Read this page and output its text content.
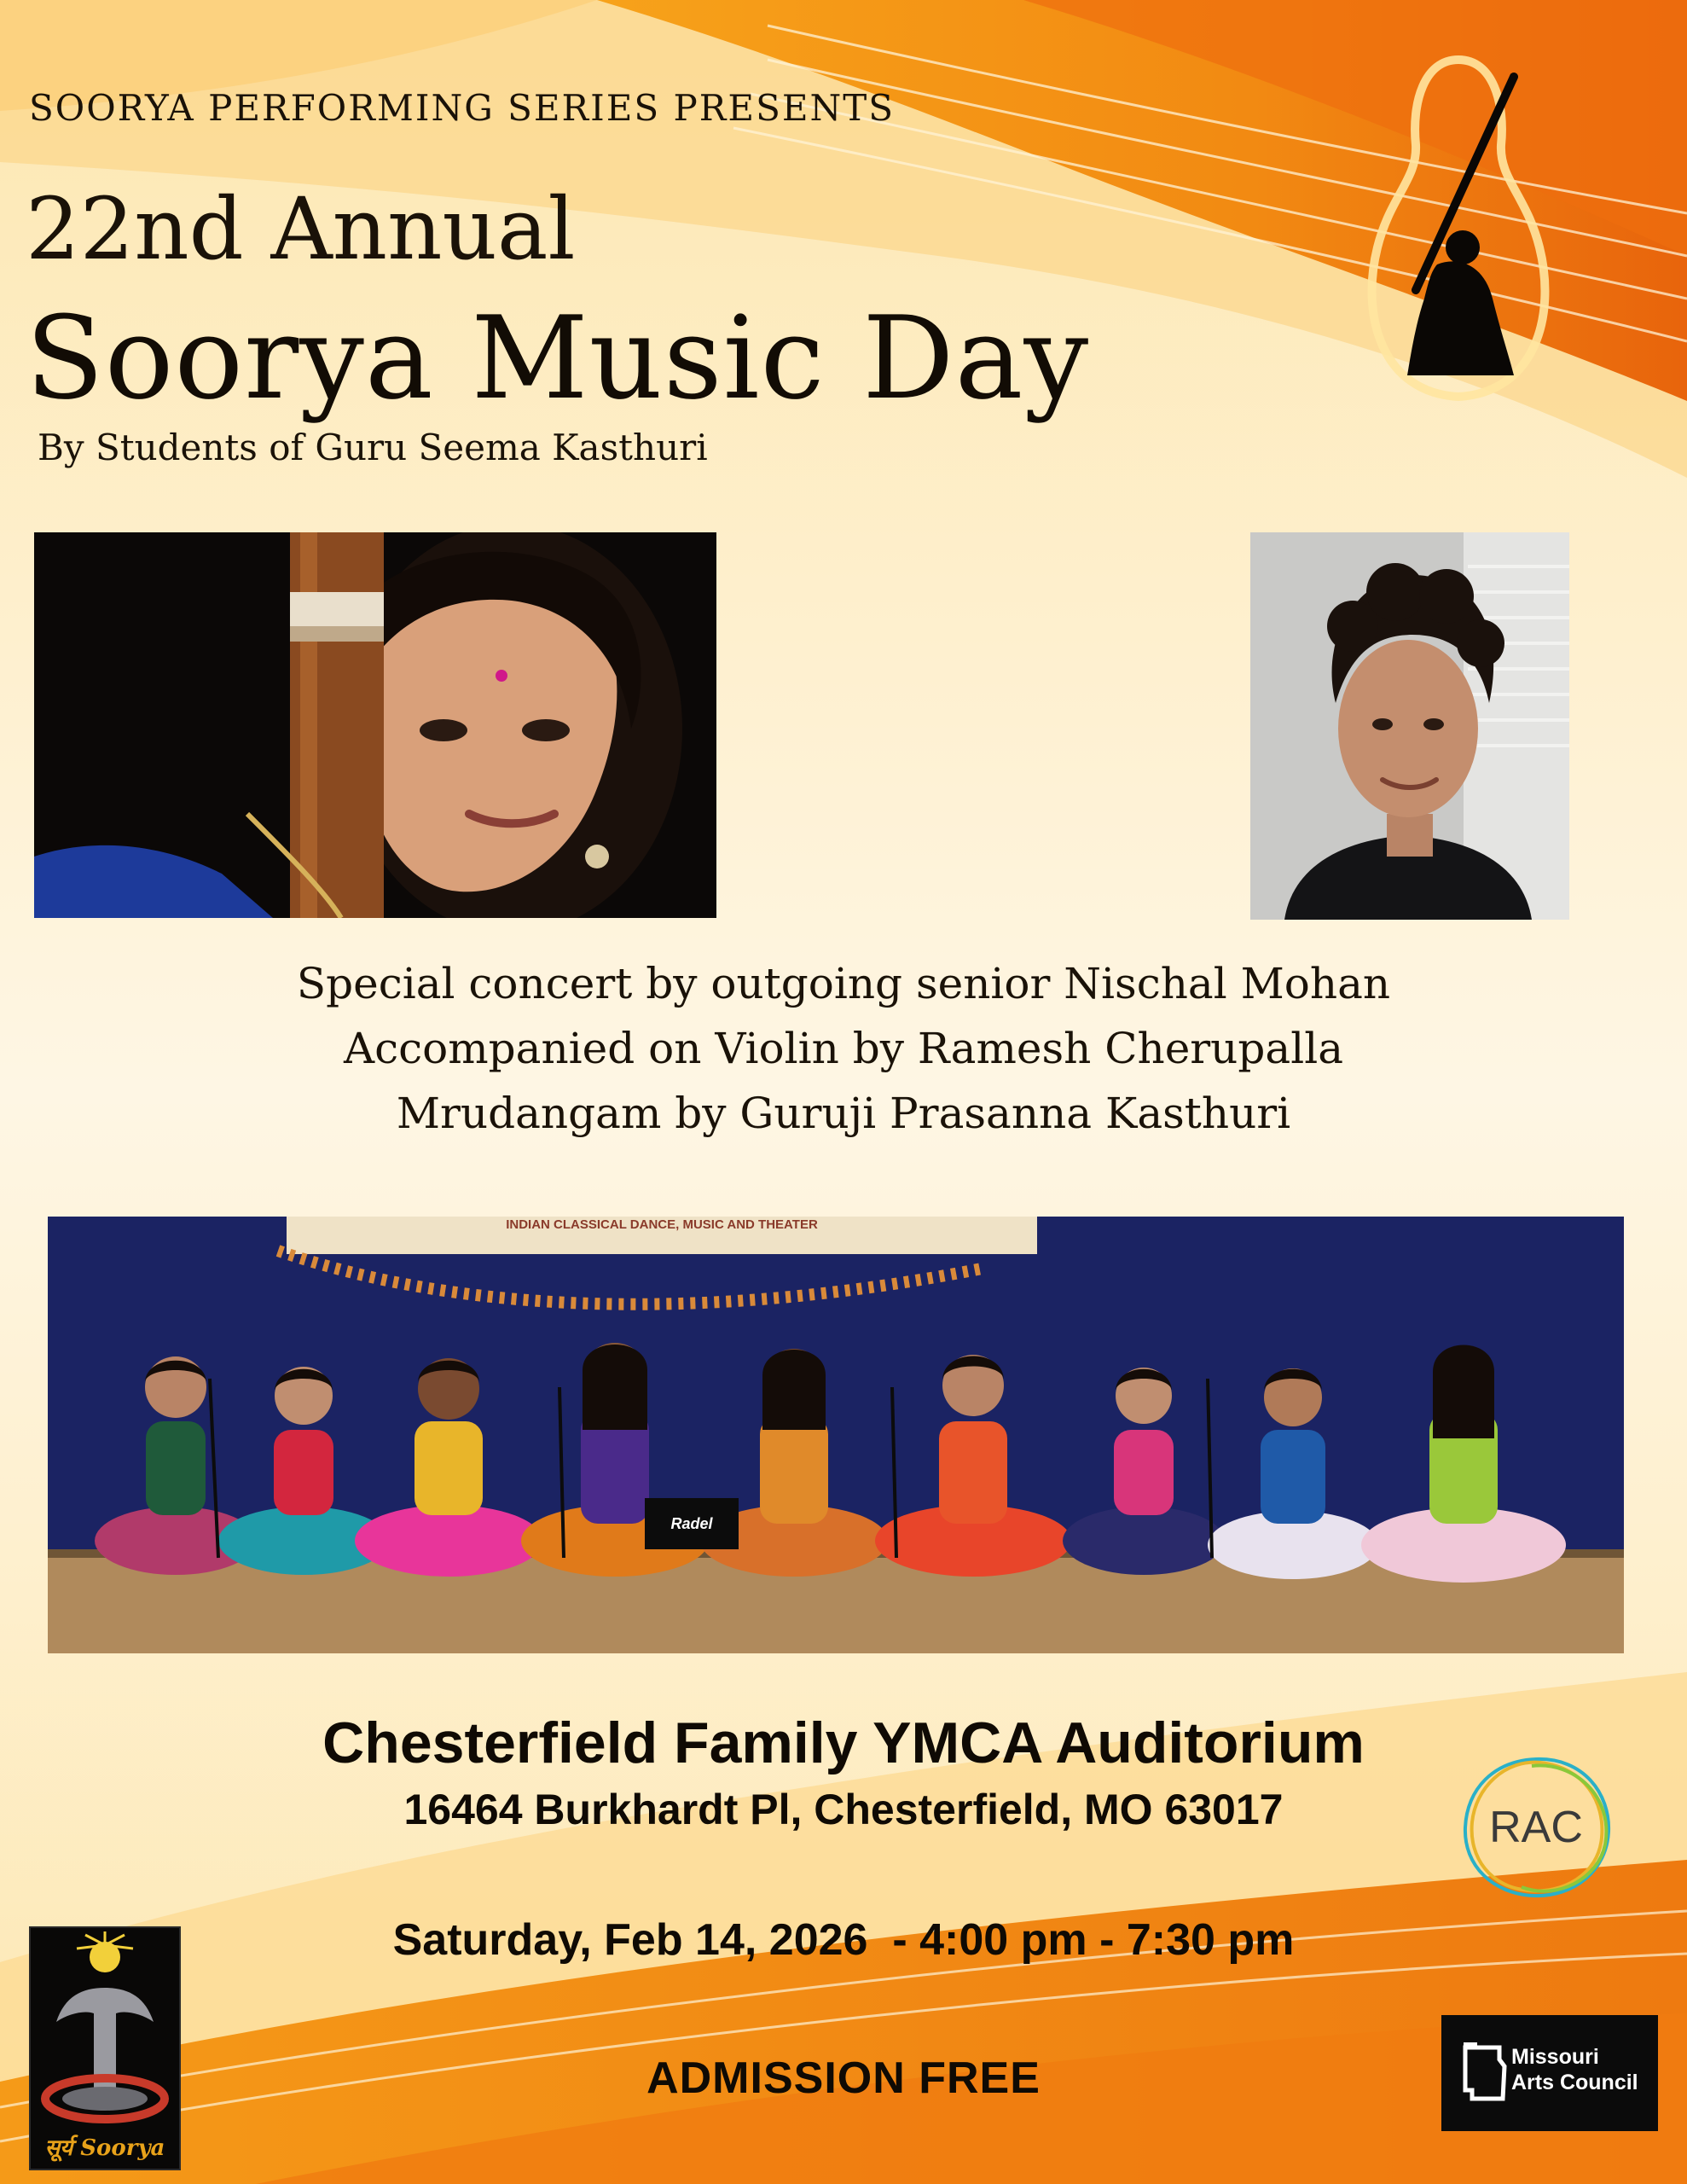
SOORYA PERFORMING SERIES PRESENTS
22nd Annual
Soorya Music Day
By Students of Guru Seema Kasthuri
Special concert by outgoing senior Nischal Mohan
Accompanied on Violin by Ramesh Cherupalla
Mrudangam by Guruji Prasanna Kasthuri
INDIAN CLASSICAL DANCE, MUSIC AND THEATER
Radel
Chesterfield Family YMCA Auditorium
16464 Burkhardt Pl, Chesterfield, MO 63017
Saturday, Feb 14, 2026  - 4:00 pm - 7:30 pm
ADMISSION FREE
RAC
Missouri
Arts Council
सूर्य Soorya
